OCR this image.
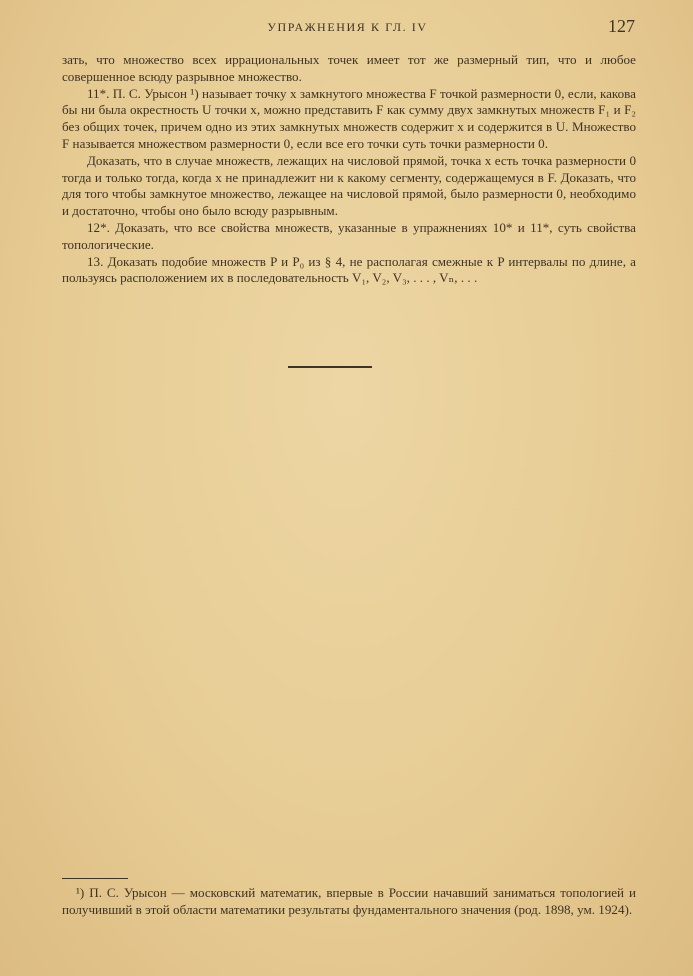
УПРАЖНЕНИЯ К ГЛ. IV	127

зать, что множество всех иррациональных точек имеет тот же размерный тип, что и любое совершенное всюду разрывное множество.

11*. П. С. Урысон ¹) называет точку x замкнутого множества F точкой размерности 0, если, какова бы ни была окрестность U точки x, можно представить F как сумму двух замкнутых множеств F₁ и F₂ без общих точек, причем одно из этих замкнутых множеств содержит x и содержится в U. Множество F называется множеством размерности 0, если все его точки суть точки размерности 0.

Доказать, что в случае множеств, лежащих на числовой прямой, точка x есть точка размерности 0 тогда и только тогда, когда x не принадлежит ни к какому сегменту, содержащемуся в F. Доказать, что для того чтобы замкнутое множество, лежащее на числовой прямой, было размерности 0, необходимо и достаточно, чтобы оно было всюду разрывным.

12*. Доказать, что все свойства множеств, указанные в упражнениях 10* и 11*, суть свойства топологические.

13. Доказать подобие множеств P и P₀ из § 4, не располагая смежные к P интервалы по длине, а пользуясь расположением их в последовательность V₁, V₂, V₃, . . . , Vₙ, . . .

¹) П. С. Урысон — московский математик, впервые в России начавший заниматься топологией и получивший в этой области математики результаты фундаментального значения (род. 1898, ум. 1924).
